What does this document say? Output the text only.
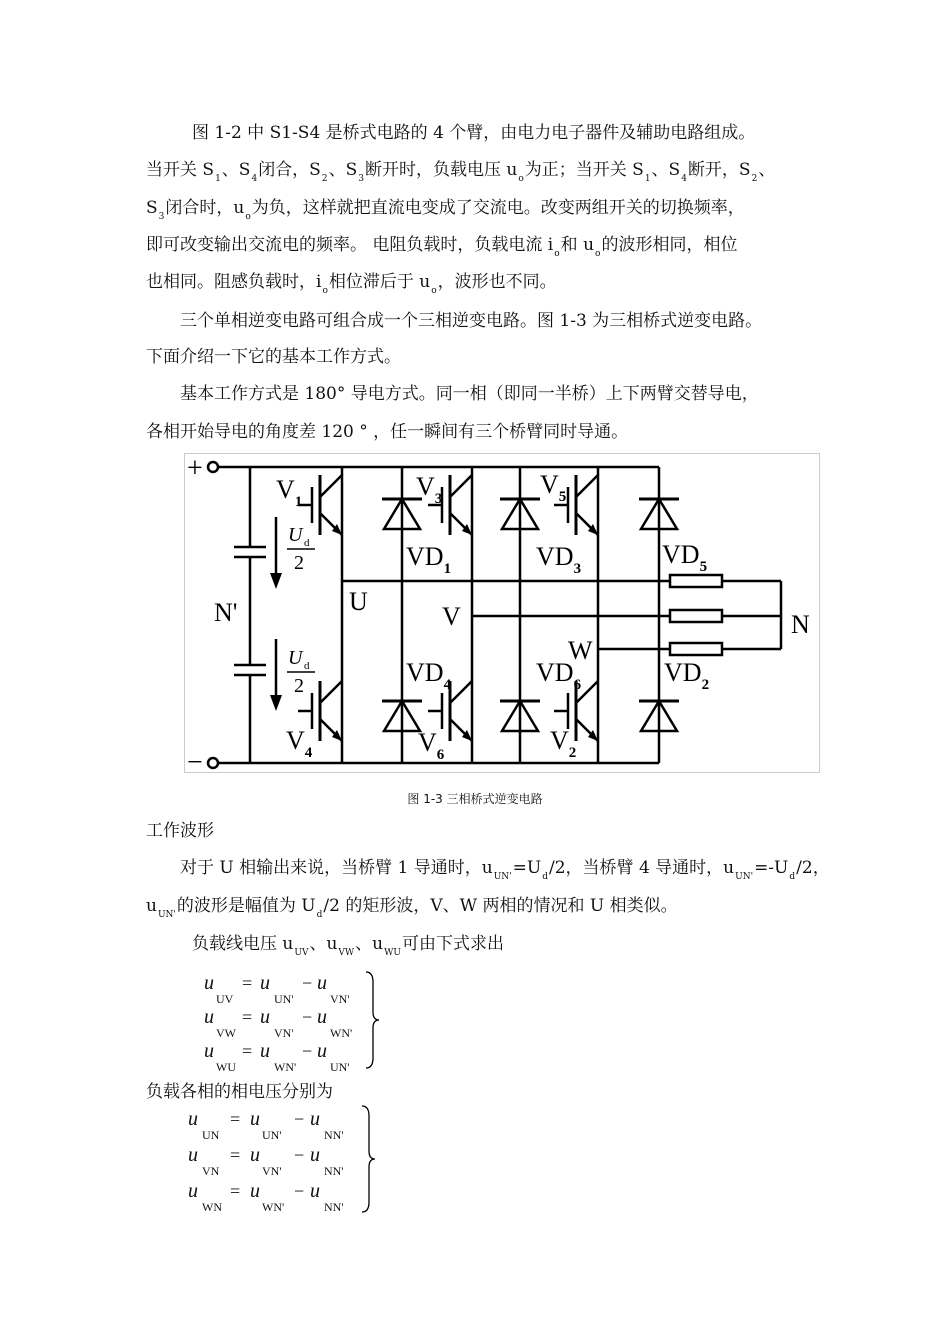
图 1-2 中 S1-S4 是桥式电路的 4 个臂，由电力电子器件及辅助电路组成。
当开关 $S_1$、$S_4$闭合，$S_2$、$S_3$断开时，负载电压 $u_o$为正；当开关 $S_1$、$S_4$断开，$S_2$、
$S_3$闭合时，$u_o$为负，这样就把直流电变成了交流电。改变两组开关的切换频率，
即可改变输出交流电的频率。 电阻负载时，负载电流 $i_o$和 $u_o$的波形相同，相位
也相同。阻感负载时，$i_o$相位滞后于 $u_o$，波形也不同。
三个单相逆变电路可组合成一个三相逆变电路。图 1-3 为三相桥式逆变电路。
下面介绍一下它的基本工作方式。
基本工作方式是 180° 导电方式。同一相（即同一半桥）上下两臂交替导电，
各相开始导电的角度差 120 ° ，任一瞬间有三个桥臂同时导通。
+
−
N'
U d
2
U d
2
N
U
V
W
$V_1$
$V_3$	$V_5$
$VD_1$	$VD_3$	$VD_5$
$VD_4$	$VD_6$	$VD_2$
$V_4$	$V_6$	$V_2$
图 1-3 三相桥式逆变电路
工作波形
对于 U 相输出来说，当桥臂 1 导通时，$u_{UN'}=U_d/2$，当桥臂 4 导通时，$u_{UN'}=-U_d/2$，
$u_{UN'}$的波形是幅值为 $U_d/2$ 的矩形波，V、W 两相的情况和 U 相类似。
负载线电压 $u_{UV}$、$u_{VW}$、$u_{WU}$可由下式求出
u = u − u
UV	UN'	VN'
u = u − u
VW	VN'	WN'
u = u − u
WU	WN'	UN'
负载各相的相电压分别为
u = u − u
UN	UN'	NN'
u = u − u
VN	VN'	NN'
u = u − u
WN	WN'	NN'
